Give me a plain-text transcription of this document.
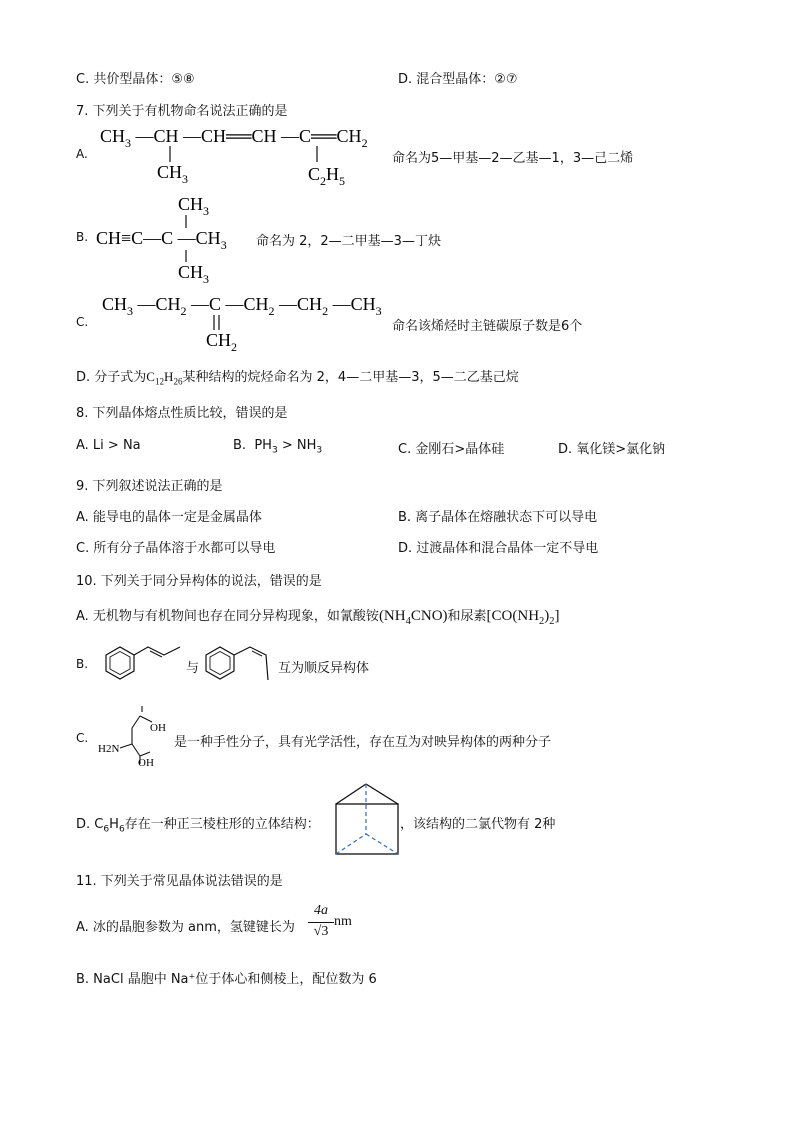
C. 共价型晶体：⑤⑧	D. 混合型晶体：②⑦
7. 下列关于有机物命名说法正确的是
A.
$CH_3$ —CH —CH══CH $—C══CH_2$
$CH_3$	$C_2H_5$
命名为5—甲基—2—乙基—1，3—己二烯
B.
$CH_3$
CH≡C—C $—CH_3$
$CH_3$
命名为 2，2—二甲基—3—丁炔
C.
$CH_3$ $—CH_2$ —C $—CH_2$ $—CH_2$ $—CH_3$
$CH_2$
命名该烯烃时主链碳原子数是6个
D. 分子式为$C_{12}H_{26}$某种结构的烷烃命名为 2，4—二甲基—3，5—二乙基己烷
8. 下列晶体熔点性质比较，错误的是
A. Li > Na	B.  $PH_3 > NH_3$	C. 金刚石>晶体硅	D. 氧化镁>氯化钠
9. 下列叙述说法正确的是
A. 能导电的晶体一定是金属晶体	B. 离子晶体在熔融状态下可以导电
C. 所有分子晶体溶于水都可以导电	D. 过渡晶体和混合晶体一定不导电
10. 下列关于同分异构体的说法，错误的是
A. 无机物与有机物间也存在同分异构现象，如氰酸铵$(NH_4CNO)$和尿素$[CO(NH_2)_2]$
B.	与	互为顺反异构体
C.
OH
H2N
OH
是一种手性分子，具有光学活性，存在互为对映异构体的两种分子
D. $C_6H_6$存在一种正三棱柱形的立体结构：	，该结构的二氯代物有 2种
11. 下列关于常见晶体说法错误的是
A. 冰的晶胞参数为 anm，氢键键长为
4a
√3
nm
B. NaCl 晶胞中 Na⁺位于体心和侧棱上，配位数为 6
